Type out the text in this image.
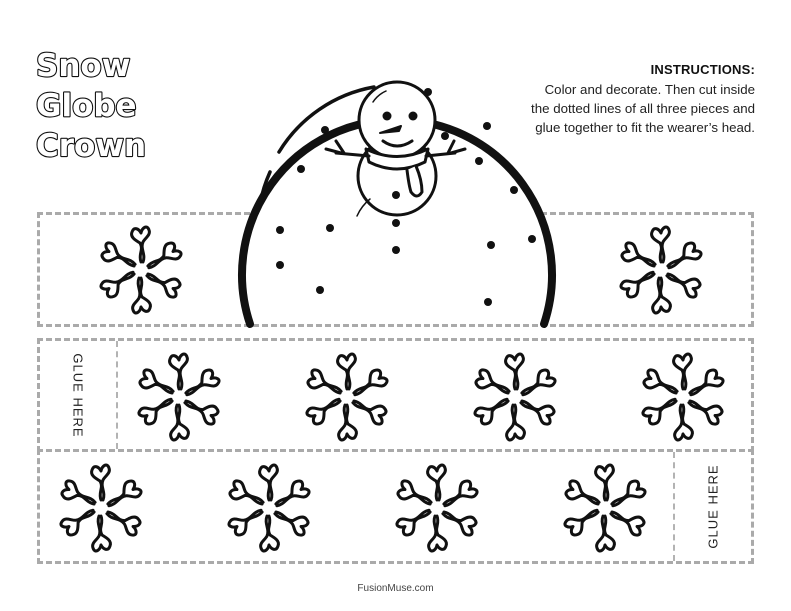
Snow
Globe
Crown
INSTRUCTIONS:
Color and decorate. Then cut inside the dotted lines of all three pieces and glue together to fit the wearer’s head.
GLUE HERE
GLUE HERE
FusionMuse.com
